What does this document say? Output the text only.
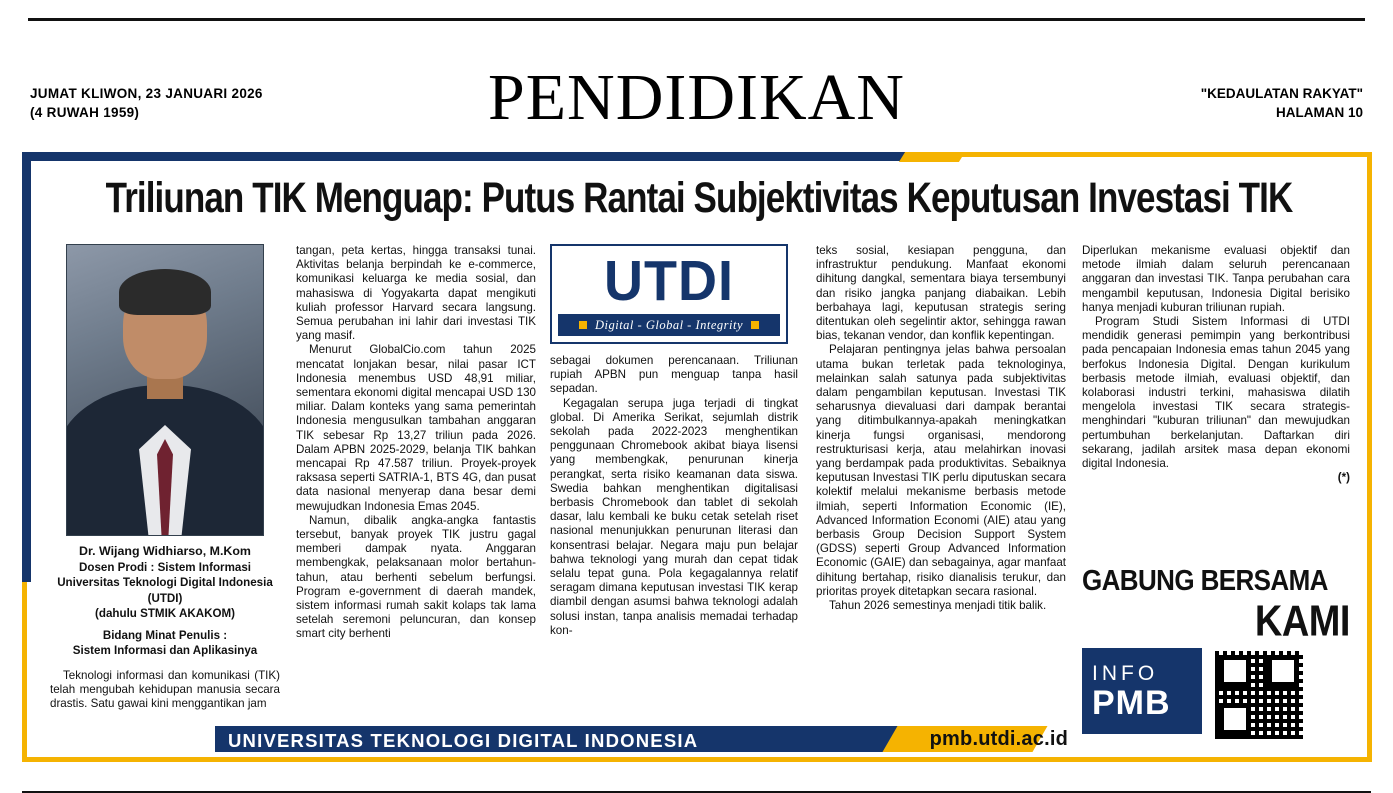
JUMAT KLIWON, 23 JANUARI 2026
(4 RUWAH 1959)	PENDIDIKAN	"KEDAULATAN RAKYAT"
HALAMAN 10
Triliunan TIK Menguap: Putus Rantai Subjektivitas Keputusan Investasi TIK
Dr. Wijang Widhiarso, M.Kom
Dosen Prodi : Sistem Informasi
Universitas Teknologi Digital Indonesia (UTDI)
(dahulu STMIK AKAKOM)
Bidang Minat Penulis :
Sistem Informasi dan Aplikasinya
Teknologi informasi dan komunikasi (TIK) telah mengubah kehidupan manusia secara drastis. Satu gawai kini menggantikan jam

tangan, peta kertas, hingga transaksi tunai. Aktivitas belanja berpindah ke e-commerce, komunikasi keluarga ke media sosial, dan mahasiswa di Yogyakarta dapat mengikuti kuliah professor Harvard secara langsung. Semua perubahan ini lahir dari investasi TIK yang masif.

Menurut GlobalCio.com tahun 2025 mencatat lonjakan besar, nilai pasar ICT Indonesia menembus USD 48,91 miliar, sementara ekonomi digital mencapai USD 130 miliar. Dalam konteks yang sama pemerintah Indonesia mengusulkan tambahan anggaran TIK sebesar Rp 13,27 triliun pada 2026. Dalam APBN 2025-2029, belanja TIK bahkan mencapai Rp 47.587 triliun. Proyek-proyek raksasa seperti SATRIA-1, BTS 4G, dan pusat data nasional menyerap dana besar demi mewujudkan Indonesia Emas 2045.

Namun, dibalik angka-angka fantastis tersebut, banyak proyek TIK justru gagal memberi dampak nyata. Anggaran membengkak, pelaksanaan molor bertahun-tahun, atau berhenti sebelum berfungsi. Program e-government di daerah mandek, sistem informasi rumah sakit kolaps tak lama setelah seremoni peluncuran, dan konsep smart city berhenti

UTDI
Digital - Global - Integrity

sebagai dokumen perencanaan. Triliunan rupiah APBN pun menguap tanpa hasil sepadan.

Kegagalan serupa juga terjadi di tingkat global. Di Amerika Serikat, sejumlah distrik sekolah pada 2022-2023 menghentikan penggunaan Chromebook akibat biaya lisensi yang membengkak, penurunan kinerja perangkat, serta risiko keamanan data siswa. Swedia bahkan menghentikan digitalisasi berbasis Chromebook dan tablet di sekolah dasar, lalu kembali ke buku cetak setelah riset nasional menunjukkan penurunan literasi dan konsentrasi belajar. Negara maju pun belajar bahwa teknologi yang murah dan cepat tidak selalu tepat guna. Pola kegagalannya relatif seragam dimana keputusan investasi TIK kerap diambil dengan asumsi bahwa teknologi adalah solusi instan, tanpa analisis memadai terhadap kon-

teks sosial, kesiapan pengguna, dan infrastruktur pendukung. Manfaat ekonomi dihitung dangkal, sementara biaya tersembunyi dan risiko jangka panjang diabaikan. Lebih berbahaya lagi, keputusan strategis sering ditentukan oleh segelintir aktor, sehingga rawan bias, tekanan vendor, dan konflik kepentingan.

Pelajaran pentingnya jelas bahwa persoalan utama bukan terletak pada teknologinya, melainkan salah satunya pada subjektivitas dalam pengambilan keputusan. Investasi TIK seharusnya dievaluasi dari dampak berantai yang ditimbulkannya-apakah meningkatkan kinerja fungsi organisasi, mendorong restrukturisasi kerja, atau melahirkan inovasi yang berdampak pada produktivitas. Sebaiknya keputusan Investasi TIK perlu diputuskan secara kolektif melalui mekanisme berbasis metode ilmiah, seperti Information Economic (IE), Advanced Information Economi (AIE) atau yang berbasis Group Decision Support System (GDSS) seperti Group Advanced Information Economic (GAIE) dan sebagainya, agar manfaat dihitung bertahap, risiko dianalisis terukur, dan prioritas proyek ditetapkan secara rasional.

Tahun 2026 semestinya menjadi titik balik.

Diperlukan mekanisme evaluasi objektif dan metode ilmiah dalam seluruh perencanaan anggaran dan investasi TIK. Tanpa perubahan cara mengambil keputusan, Indonesia Digital berisiko hanya menjadi kuburan triliunan rupiah.

Program Studi Sistem Informasi di UTDI mendidik generasi pemimpin yang berkontribusi pada pencapaian Indonesia emas tahun 2045 yang berfokus Indonesia Digital. Dengan kurikulum berbasis metode ilmiah, evaluasi objektif, dan kolaborasi industri terkini, mahasiswa dilatih mengelola investasi TIK secara strategis-menghindari "kuburan triliunan" dan mewujudkan pertumbuhan berkelanjutan. Daftarkan diri sekarang, jadilah arsitek masa depan ekonomi digital Indonesia.

(*)
GABUNG BERSAMA
KAMI
INFO
PMB
UNIVERSITAS TEKNOLOGI DIGITAL INDONESIA	pmb.utdi.ac.id
